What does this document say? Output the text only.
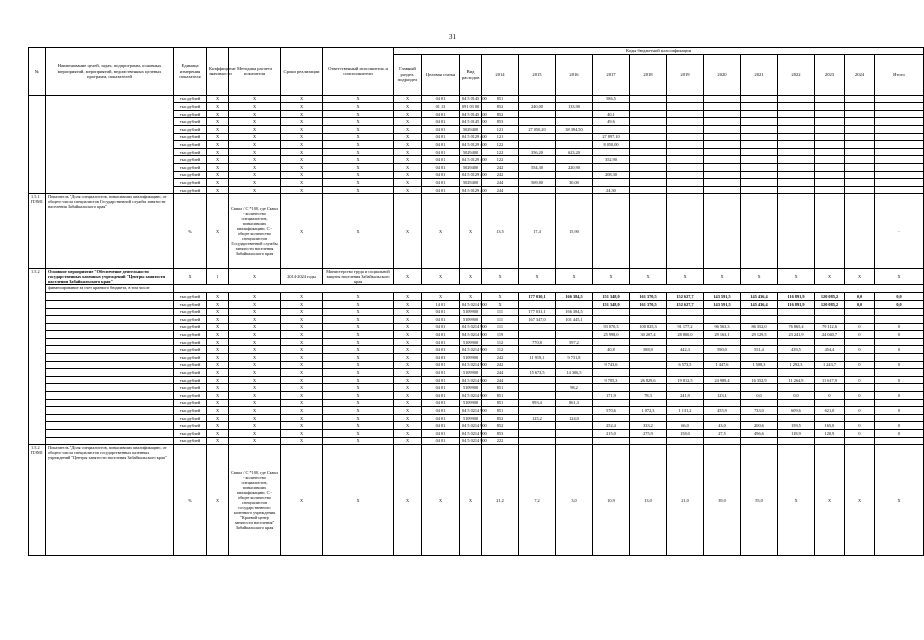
31
№	Наименование целей, задач, подпрограмм, основных мероприятий, мероприятий, ведомственных целевых программ, показателей	Единица измерения показателя	Коэффициент значимости	Методика расчета показателя	Сроки реализации	Ответственный исполнитель и соисполнители	Коды бюджетной классификации															
							Главный раздел, подраздел	Целевая статья	Вид расходов	2014	2015	2016	2017	2018	2019	2020	2021	2022	2023	2024	Итого	
		тыс.рублей	X	X	X	X	X	04 01	04 5 0145 100	851			586,5									
		тыс.рублей	X	X	X	X	X	01 13	091 03 00	852	240,00	133,90										
		тыс.рублей	X	X	X	X	X	04 01	04 5 0145 100	852			40,1									
		тыс.рублей	X	X	X	X	X	04 01	04 5 0145 100	853			49,6									
		тыс.рублей	X	X	X	X	X	04 01	5029400	121	27 050,20	38 394,50										
		тыс.рублей	X	X	X	X	X	04 01	04 5 0129 400	121			27 897,10									
		тыс.рублей	X	X	X	X	X	04 01	04 5 0129 400	122			8 050,00									
		тыс.рублей	X	X	X	X	X	04 01	5029400	122	356,20	623,20										
		тыс.рублей	X	X	X	X	X	04 01	04 5 0129 400	122			352,90									
		тыс.рублей	X	X	X	X	X	04 01	5029400	242	554,30	220,90										
		тыс.рублей	X	X	X	X	X	04 01	04 5 0129 400	242			208,30									
		тыс.рублей	X	X	X	X	X	04 01	5029400	244	569,80	30,00										
		тыс.рублей	X	X	X	X	X	04 01	04 5 0129 400	244			24,30									
1.5.1 ПЭМ1	Показатель "Доля специалистов, повысивших квалификацию, от общего числа специалистов Государственной службы занятости населения Забайкальского края"	%	X	Сквал / С *100, где Сквал - количество специалистов, повысивших квалификацию; С - общее количество специалистов Государственной службы занятости населения Забайкальского края	X	X	X	X	X	13,5	17,4	15,90									-	
1.5.2	Основное мероприятие "Обеспечение деятельности государственных казенных учреждений "Центры занятости населения Забайкальского края"	X	1	X	2014-2024 годы	Министерство труда и социальной защиты населения Забайкальского края	X	X	X	X	X	X	X	X	X	X	X	X	X	X	X	
	финансирование за счет краевого бюджета, в том числе																					
		тыс.рублей	X	X	X	X	X	X	X	X	177 030,1	166 384,5	151 348,0	161 370,5	152 627,7	143 591,5	145 436,4	116 891,9	120 085,2	0,0	0,0	
		тыс.рублей	X	X	X	X	X	14 01	04 5 0214 900	X			151 348,0	161 370,5	152 627,7	143 591,5	145 436,4	116 891,9	120 085,2	0,0	0,0	
		тыс.рублей	X	X	X	X	X	04 01	5109900	111	177 031,1	166 384,5										
		тыс.рублей	X	X	X	X	X	04 01	5109900	111	167 347,0	101 445,1										
		тыс.рублей	X	X	X	X	X	04 01	04 5 0214 900	111			93 070,3	100 825,3	91 177,2	96 563,3	86 352,0	76 865,4	79 112,6	0	0	
		тыс.рублей	X	X	X	X	X	04 01	04 5 0214 900	119			25 998,0	30 207,4	28 800,0	29 163,1	29 129,5	23 241,9	24 040,7	0	0	
		тыс.рублей	X	X	X	X	X	04 01	5109900	112	770,8	597,2										
		тыс.рублей	X	X	X	X	X	04 01	04 5 0214 900	112			40,8	588,9	442,3	590,0	551,4	439,5	454,4	0	0	
		тыс.рублей	X	X	X	X	X	04 01	5109900	242	11 919,1	9 731,8										
		тыс.рублей	X	X	X	X	X	04 01	04 5 0214 900	242			9 743,6		6 573,5	1 447,6	1 508,3	1 292,3	1 243,7	0	0	
		тыс.рублей	X	X	X	X	X	04 01	5109900	244	15 673,5	14 306,5										
		тыс.рублей	X	X	X	X	X	04 01	04 5 0214 900	244			9 705,3	26 829,6	19 812,5	24 989,4	16 352,9	11 264,9	11 617,9	0	0	
		тыс.рублей	X	X	X	X	X	04 01	5109900	851		98,2										
		тыс.рублей	X	X	X	X	X	04 01	04 5 0214 900	851			171,9	78,3	241,9	123,1	0,0	0,0	0	0	0	
		тыс.рублей	X	X	X	X	X	04 01	5109900	851	993,4	861,3										
		тыс.рублей	X	X	X	X	X	04 01	04 5 0214 900	851			570,6	1 072,3	1 131,2	455,9	733,0	609,6	621,0	0	0	
		тыс.рублей	X	X	X	X	X	04 01	5109900	852	125,2	124,0										
		тыс.рублей	X	X	X	X	X	04 01	04 5 0214 900	852			252,4	333,2	66,0	43,0	200,6	159,5	165,0	0	0	
		тыс.рублей	X	X	X	X	X	04 01	04 5 0214 900	853			215,0	275,9	158,0	27,5	496,6	118,9	120,9	0	0	
		тыс.рублей	X	X	X	X	X	04 01	04 5 0214 900	222												
1.5.2 ПЭМ1	Показатель "Доля специалистов, повысивших квалификацию, от общего числа специалистов государственных казенных учреждений "Центры занятости населения Забайкальского края"	%	X	Сквал / С *100, где Сквал - количество специалистов, повысивших квалификацию; С - общее количество специалистов государственного казенного учреждения "Краевой центр занятости населения" Забайкальского края	X	X	X	X	X	21,2	7,2	3,0	10,9	13,0	21,0	39,0	55,0	X	X	X	X	
